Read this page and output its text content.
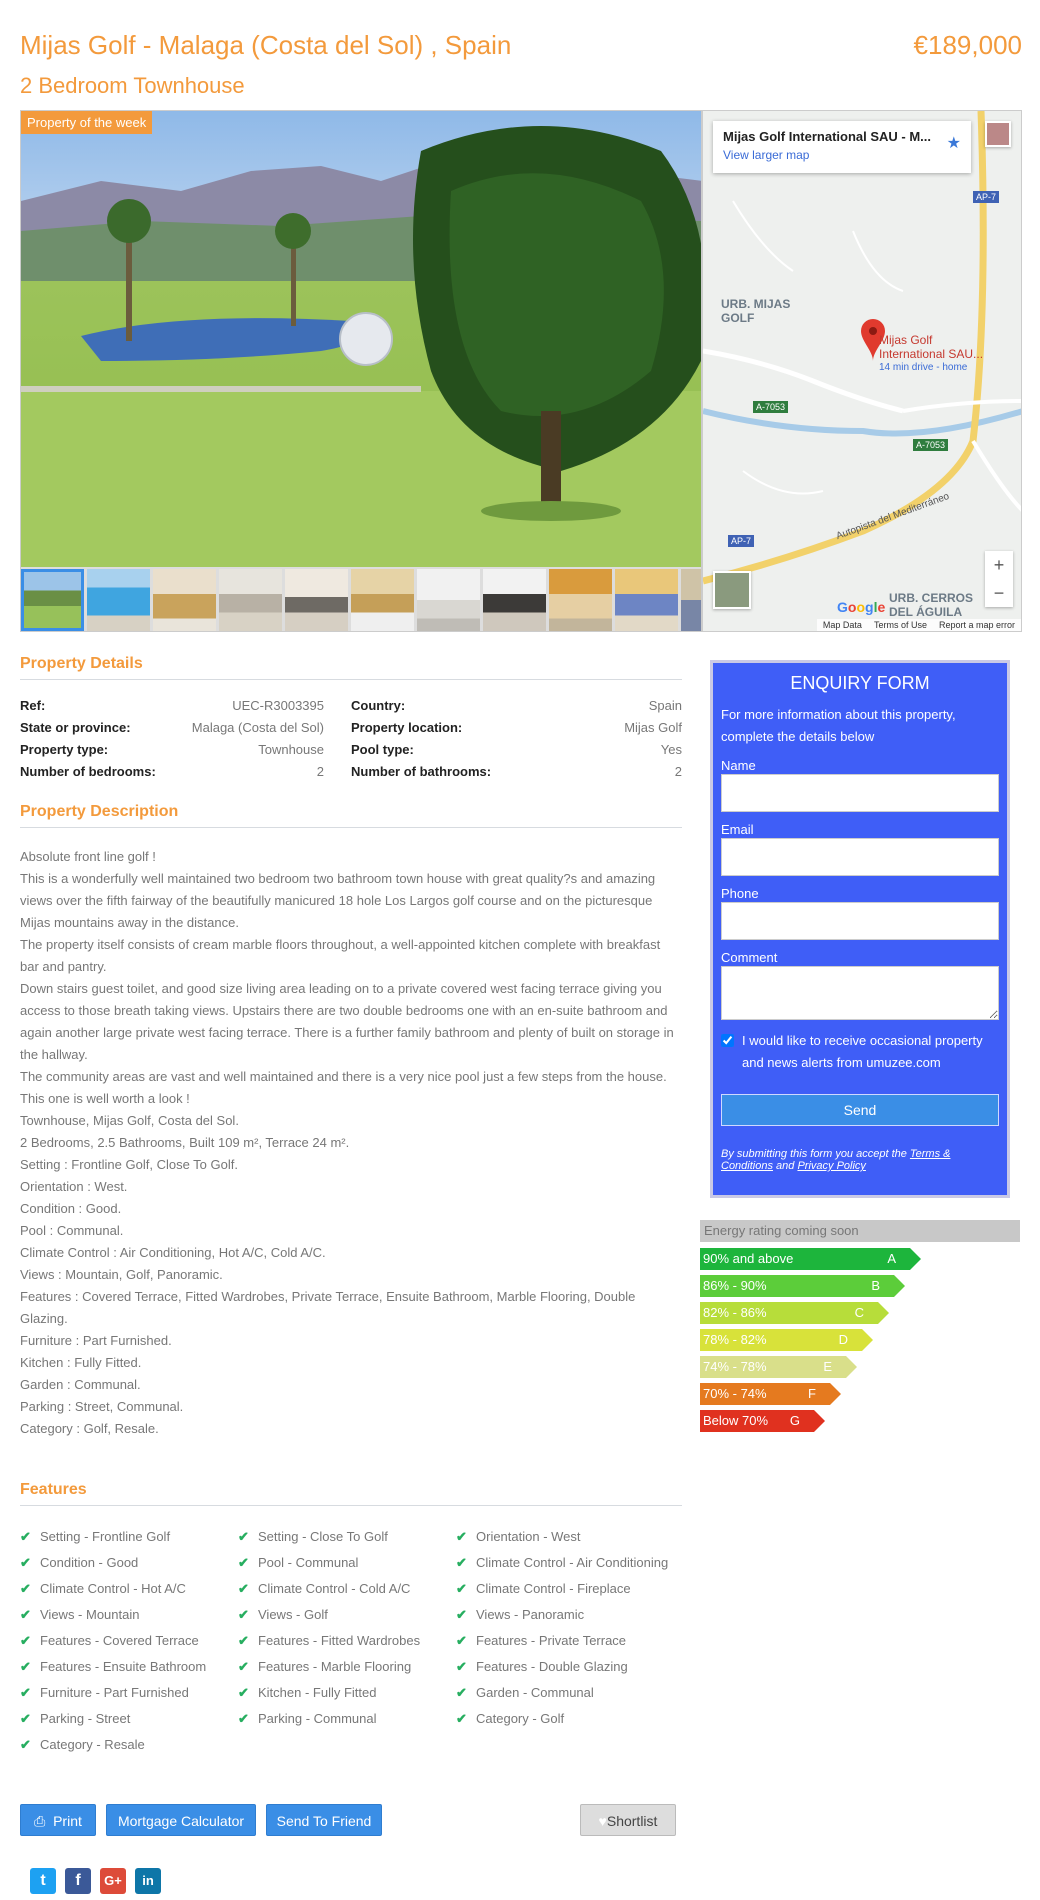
Mijas Golf - Malaga (Costa del Sol) , Spain
2 Bedroom Townhouse
€189,000
Property of the week
Mijas Golf International SAU - M...
View larger map
★
URB. MIJAS
GOLF
Mijas Golf
International SAU...
14 min drive - home
URB. CERROS
DEL ÁGUILA
Autopista del Mediterráneo
AP-7
A-7053
A-7053
AP-7
Google
+
−
Map Data Terms of Use Report a map error
Property Details
Ref:	UEC-R3003395 Country:	Spain
State or province:	Malaga (Costa del Sol) Property location:	Mijas Golf
Property type:	Townhouse Pool type:	Yes
Number of bedrooms:	2 Number of bathrooms:	2
Property Description
Absolute front line golf !
This is a wonderfully well maintained two bedroom two bathroom town house with great quality?s and amazing views over the fifth fairway of the beautifully manicured 18 hole Los Largos golf course and on the picturesque Mijas mountains away in the distance.
The property itself consists of cream marble floors throughout, a well-appointed kitchen complete with breakfast bar and pantry.
Down stairs guest toilet, and good size living area leading on to a private covered west facing terrace giving you access to those breath taking views. Upstairs there are two double bedrooms one with an en-suite bathroom and again another large private west facing terrace. There is a further family bathroom and plenty of built on storage in the hallway.
The community areas are vast and well maintained and there is a very nice pool just a few steps from the house.
This one is well worth a look !
Townhouse, Mijas Golf, Costa del Sol.
2 Bedrooms, 2.5 Bathrooms, Built 109 m², Terrace 24 m².
Setting : Frontline Golf, Close To Golf.
Orientation : West.
Condition : Good.
Pool : Communal.
Climate Control : Air Conditioning, Hot A/C, Cold A/C.
Views : Mountain, Golf, Panoramic.
Features : Covered Terrace, Fitted Wardrobes, Private Terrace, Ensuite Bathroom, Marble Flooring, Double Glazing.
Furniture : Part Furnished.
Kitchen : Fully Fitted.
Garden : Communal.
Parking : Street, Communal.
Category : Golf, Resale.
Features
✔ Setting - Frontline Golf	✔ Setting - Close To Golf	✔ Orientation - West
✔ Condition - Good	✔ Pool - Communal	✔ Climate Control - Air Conditioning
✔ Climate Control - Hot A/C	✔ Climate Control - Cold A/C	✔ Climate Control - Fireplace
✔ Views - Mountain	✔ Views - Golf	✔ Views - Panoramic
✔ Features - Covered Terrace	✔ Features - Fitted Wardrobes	✔ Features - Private Terrace
✔ Features - Ensuite Bathroom	✔ Features - Marble Flooring	✔ Features - Double Glazing
✔ Furniture - Part Furnished	✔ Kitchen - Fully Fitted	✔ Garden - Communal
✔ Parking - Street	✔ Parking - Communal	✔ Category - Golf
✔ Category - Resale
⎙ Print	Mortgage Calculator	Send To Friend	♥Shortlist
t	f	G+	in
ENQUIRY FORM
For more information about this property, complete the details below
Name
Email
Phone
Comment
I would like to receive occasional property and news alerts from umuzee.com
Send
By submitting this form you accept the Terms & Conditions and Privacy Policy
Energy rating coming soon
90% and above	A
86% - 90%	B
82% - 86%	C
78% - 82%	D
74% - 78%	E
70% - 74%	F
Below 70% G
